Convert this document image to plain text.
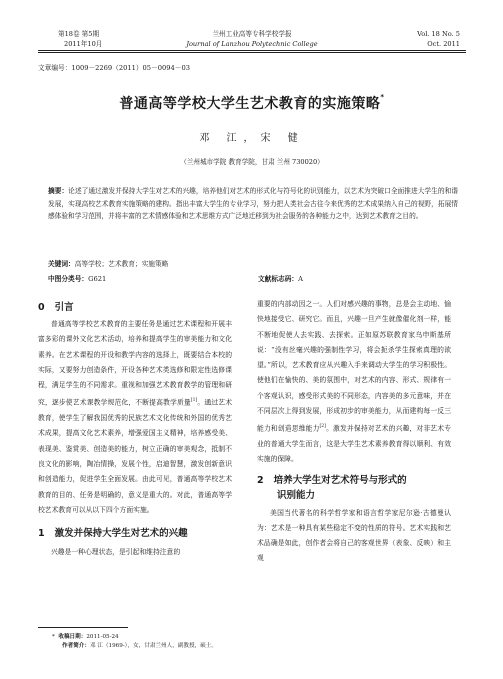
第18卷 第5期
2011年10月
兰州工业高等专科学校学报
Journal of Lanzhou Polytechnic College
Vol. 18 No. 5
Oct. 2011
文章编号：1009－2269（2011）05－0094－03
普通高等学校大学生艺术教育的实施策略*
邓 江，宋 健
（兰州城市学院 教育学院，甘肃 兰州 730020）
摘要：论述了通过激发并保持大学生对艺术的兴趣，培养他们对艺术的形式化与符号化的识别能力，以艺术为突破口全面推进大学生的和谐发展，实现高校艺术教育实施策略的建构。指出丰富大学生的专业学习，努力把人类社会古往今来优秀的艺术成果纳入自己的视野，拓展情感体验和学习范围，并将丰富的艺术情感体验和艺术思维方式广泛地迁移到为社会服务的各种能力之中，达到艺术教育之目的。
关键词：高等学校；艺术教育；实施策略
中图分类号：G621	文献标志码：A
0 引言

普通高等学校艺术教育的主要任务是通过艺术课程和开展丰富多彩的课外文化艺术活动，培养和提高学生的审美能力和文化素养。在艺术课程的开设和教学内容的选择上，既要结合本校的实际，又要努力创造条件，开设各种艺术类选修和限定性选修课程，满足学生的不同需求。重视和加强艺术教育教学的管理和研究，逐步使艺术课教学规范化，不断提高教学质量[1]。通过艺术教育，使学生了解我国优秀的民族艺术文化传统和外国的优秀艺术成果，提高文化艺术素养，增强爱国主义精神，培养感受美、表现美、鉴赏美、创造美的能力，树立正确的审美观念，抵制不良文化的影响，陶冶情操，发展个性，启迪智慧，激发创新意识和创造能力，促进学生全面发展。由此可见，普通高等学校艺术教育的目的、任务是明确的，意义是重大的。对此，普通高等学校艺术教育可以从以下四个方面实施。

1 激发并保持大学生对艺术的兴趣

兴趣是一种心理状态，是引起和维持注意的

重要的内部动因之一。人们对感兴趣的事物，总是会主动地、愉快地接受它、研究它。而且，兴趣一旦产生就像催化剂一样，能不断地促使人去实践、去探索。正如原苏联教育家乌申斯基所说：“没有丝毫兴趣的强制性学习，将会扼杀学生探索真理的欲望。”所以，艺术教育应从兴趣入手来调动大学生的学习积极性。使他们在愉快的、美的氛围中，对艺术的内容、形式、规律有一个客观认识，感受形式美的不同形态，内容美的多元意味，并在不同层次上得到发展，形成初步的审美能力，从而建构每一反三能力和创造思维能力[2]。激发并保持对艺术的兴趣，对非艺术专业的普通大学生而言，这是大学生艺术素养教育得以顺利、有效实施的保障。

2 培养大学生对艺术符号与形式的
识别能力

美国当代著名的科学哲学家和语言哲学家尼尔逊·古德曼认为：艺术是一种具有某些稳定不变的性质的符号。艺术实践和艺术品确是如此，创作者会将自己的客观世界（表象、反映）和主观

* 收稿日期：2011-05-24
作者简介：邓 江（1969-），女，甘肃兰州人，副教授，硕士。
